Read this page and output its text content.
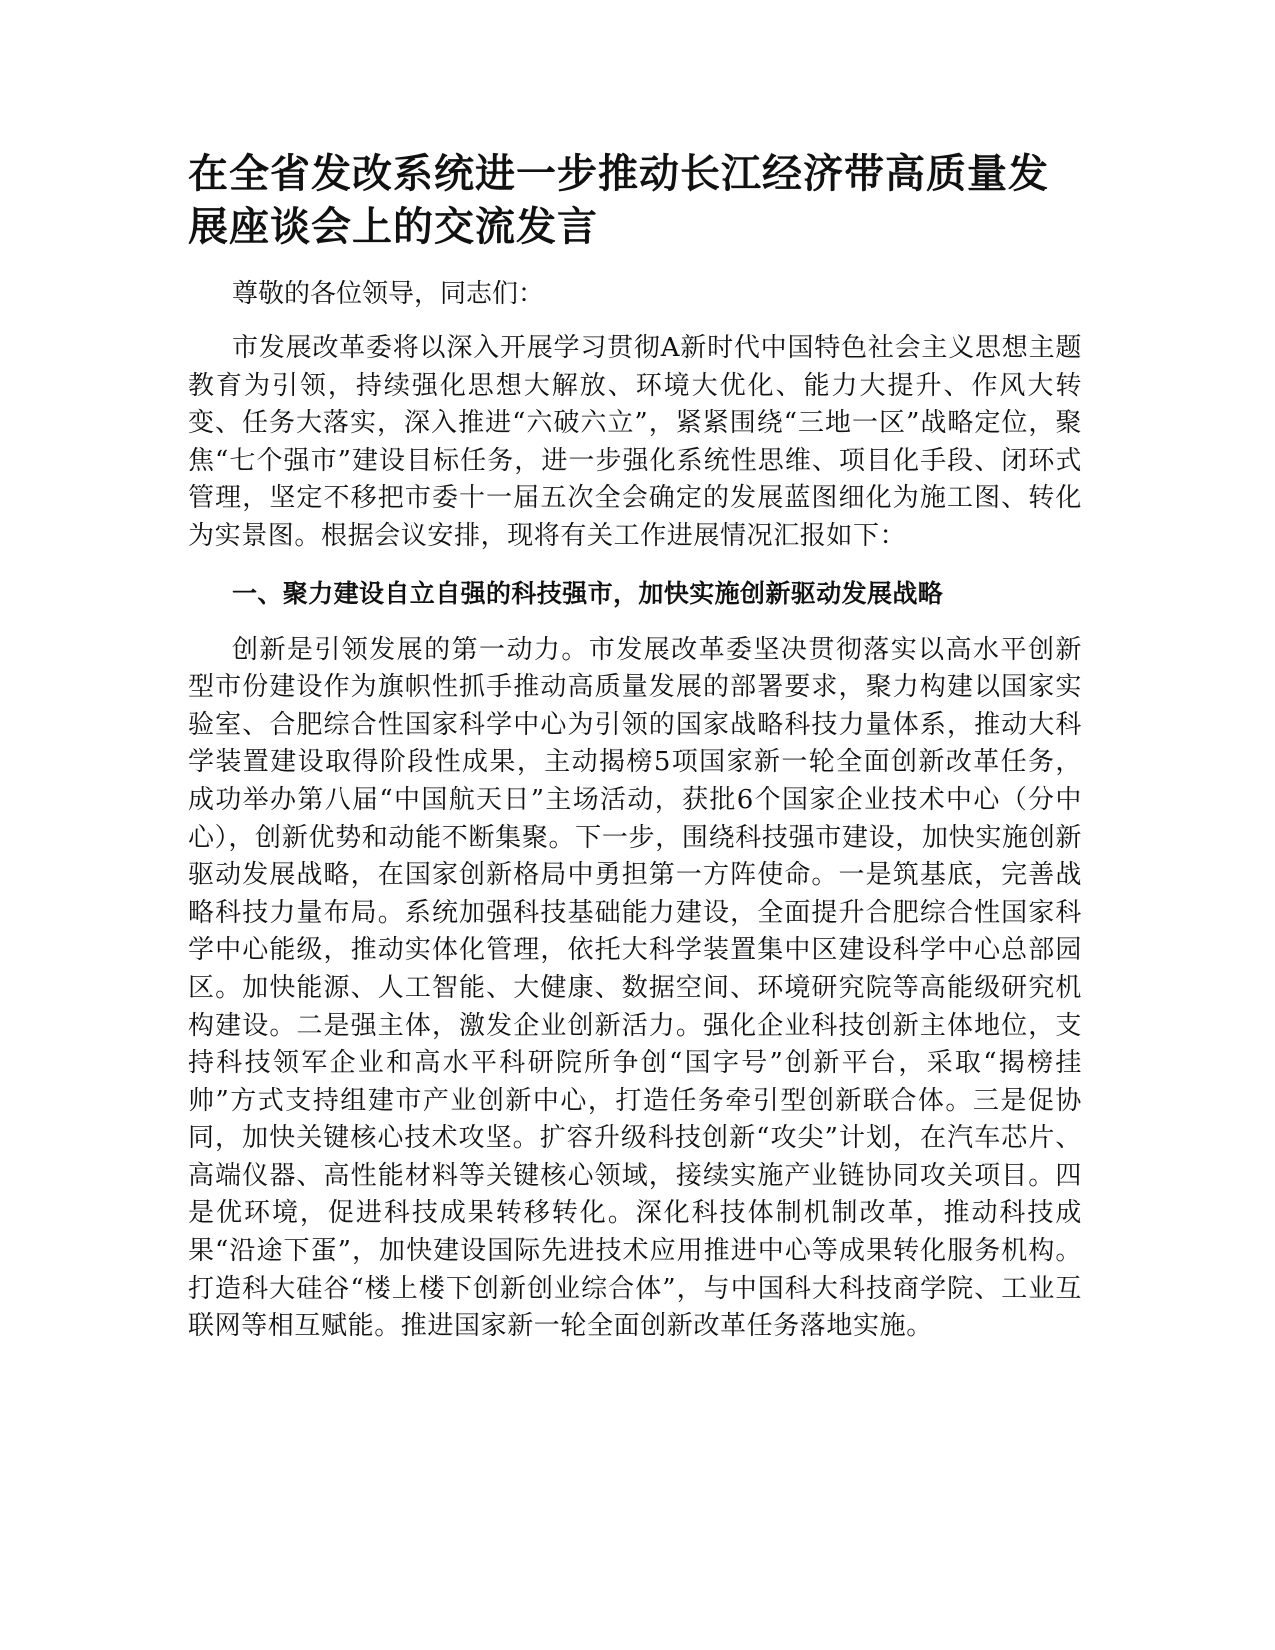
在全省发改系统进一步推动长江经济带高质量发展座谈会上的交流发言

尊敬的各位领导，同志们：

市发展改革委将以深入开展学习贯彻A新时代中国特色社会主义思想主题教育为引领，持续强化思想大解放、环境大优化、能力大提升、作风大转变、任务大落实，深入推进“六破六立”，紧紧围绕“三地一区”战略定位，聚焦“七个强市”建设目标任务，进一步强化系统性思维、项目化手段、闭环式管理，坚定不移把市委十一届五次全会确定的发展蓝图细化为施工图、转化为实景图。根据会议安排，现将有关工作进展情况汇报如下：

一、聚力建设自立自强的科技强市，加快实施创新驱动发展战略

创新是引领发展的第一动力。市发展改革委坚决贯彻落实以高水平创新型市份建设作为旗帜性抓手推动高质量发展的部署要求，聚力构建以国家实验室、合肥综合性国家科学中心为引领的国家战略科技力量体系，推动大科学装置建设取得阶段性成果，主动揭榜5项国家新一轮全面创新改革任务，成功举办第八届“中国航天日”主场活动，获批6个国家企业技术中心（分中心），创新优势和动能不断集聚。下一步，围绕科技强市建设，加快实施创新驱动发展战略，在国家创新格局中勇担第一方阵使命。一是筑基底，完善战略科技力量布局。系统加强科技基础能力建设，全面提升合肥综合性国家科学中心能级，推动实体化管理，依托大科学装置集中区建设科学中心总部园区。加快能源、人工智能、大健康、数据空间、环境研究院等高能级研究机构建设。二是强主体，激发企业创新活力。强化企业科技创新主体地位，支持科技领军企业和高水平科研院所争创“国字号”创新平台，采取“揭榜挂帅”方式支持组建市产业创新中心，打造任务牵引型创新联合体。三是促协同，加快关键核心技术攻坚。扩容升级科技创新“攻尖”计划，在汽车芯片、高端仪器、高性能材料等关键核心领域，接续实施产业链协同攻关项目。四是优环境，促进科技成果转移转化。深化科技体制机制改革，推动科技成果“沿途下蛋”，加快建设国际先进技术应用推进中心等成果转化服务机构。打造科大硅谷“楼上楼下创新创业综合体”，与中国科大科技商学院、工业互联网等相互赋能。推进国家新一轮全面创新改革任务落地实施。
